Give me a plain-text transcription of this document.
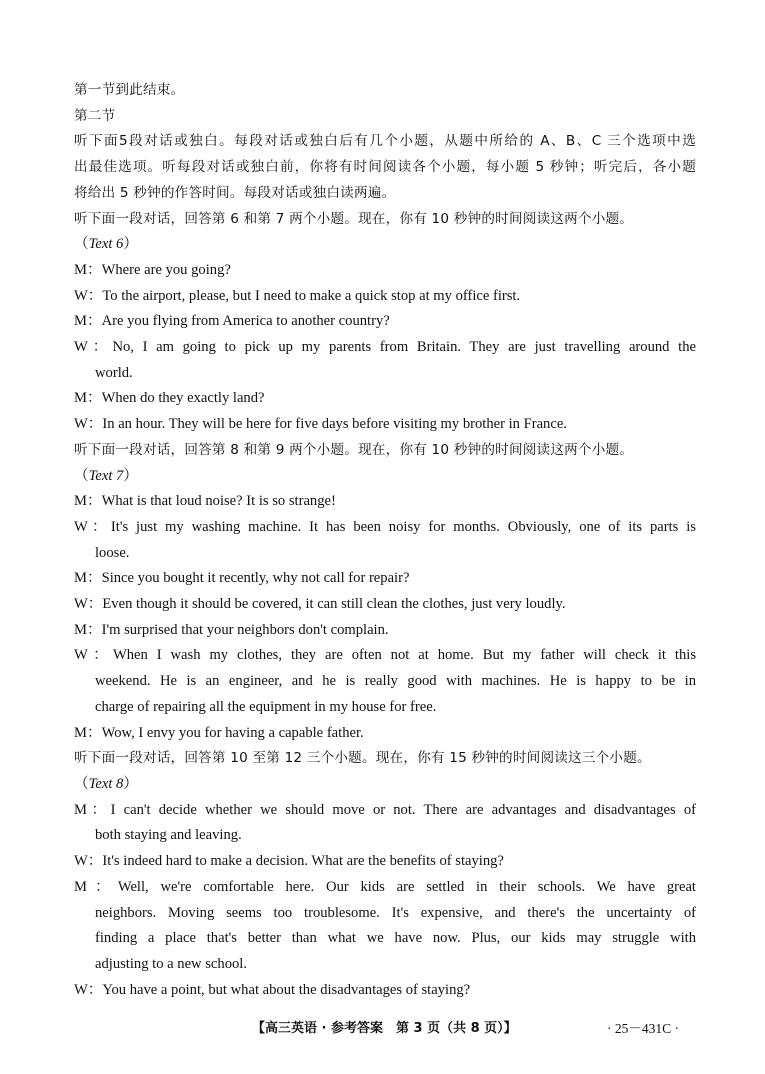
第一节到此结束。
第二节
听下面5段对话或独白。每段对话或独白后有几个小题，从题中所给的 A、B、C 三个选项中选
出最佳选项。听每段对话或独白前，你将有时间阅读各个小题，每小题 5 秒钟；听完后，各小题
将给出 5 秒钟的作答时间。每段对话或独白读两遍。
听下面一段对话，回答第 6 和第 7 两个小题。现在，你有 10 秒钟的时间阅读这两个小题。
（Text 6）
M：Where are you going?
W：To the airport, please, but I need to make a quick stop at my office first.
M：Are you flying from America to another country?
W：No, I am going to pick up my parents from Britain. They are just travelling around the
world.
M：When do they exactly land?
W：In an hour. They will be here for five days before visiting my brother in France.
听下面一段对话，回答第 8 和第 9 两个小题。现在，你有 10 秒钟的时间阅读这两个小题。
（Text 7）
M：What is that loud noise? It is so strange!
W：It's just my washing machine. It has been noisy for months. Obviously, one of its parts is
loose.
M：Since you bought it recently, why not call for repair?
W：Even though it should be covered, it can still clean the clothes, just very loudly.
M：I'm surprised that your neighbors don't complain.
W：When I wash my clothes, they are often not at home. But my father will check it this
weekend. He is an engineer, and he is really good with machines. He is happy to be in
charge of repairing all the equipment in my house for free.
M：Wow, I envy you for having a capable father.
听下面一段对话，回答第 10 至第 12 三个小题。现在，你有 15 秒钟的时间阅读这三个小题。
（Text 8）
M：I can't decide whether we should move or not. There are advantages and disadvantages of
both staying and leaving.
W：It's indeed hard to make a decision. What are the benefits of staying?
M：Well, we're comfortable here. Our kids are settled in their schools. We have great
neighbors. Moving seems too troublesome. It's expensive, and there's the uncertainty of
finding a place that's better than what we have now. Plus, our kids may struggle with
adjusting to a new school.
W：You have a point, but what about the disadvantages of staying?
【高三英语 · 参考答案　第 3 页（共 8 页）】	· 25－431C ·
